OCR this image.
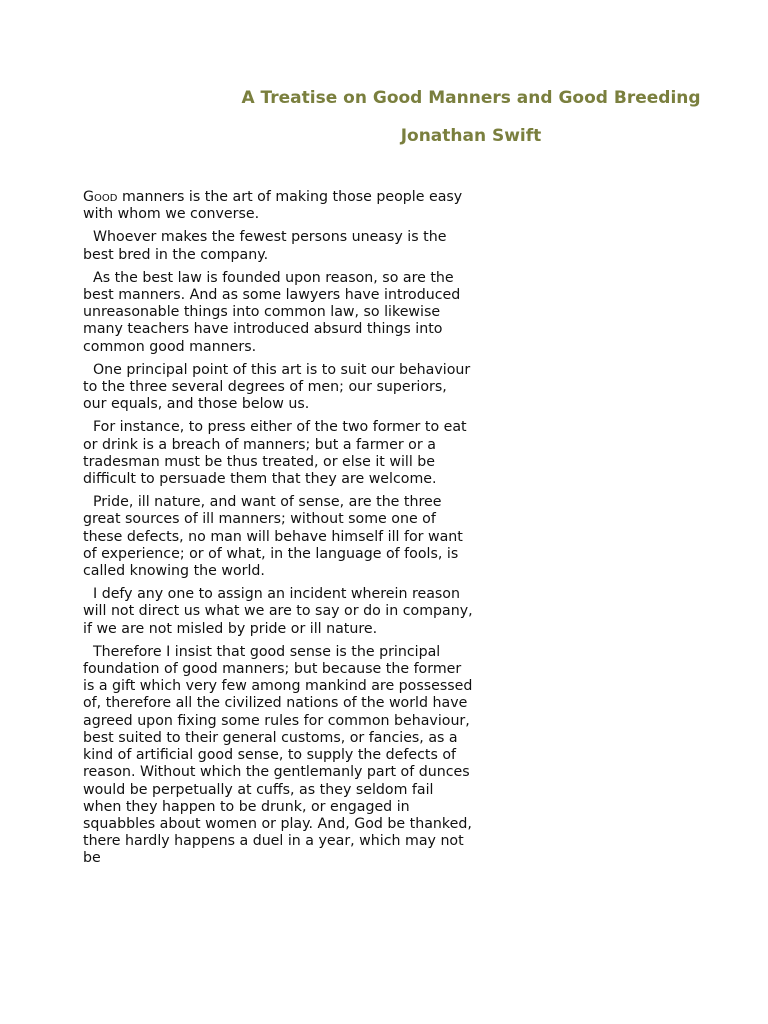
A Treatise on Good Manners and Good Breeding
Jonathan Swift

Good manners is the art of making those people easy with whom we converse.

Whoever makes the fewest persons uneasy is the best bred in the company.

As the best law is founded upon reason, so are the best manners. And as some lawyers have introduced unreasonable things into common law, so likewise many teachers have introduced absurd things into common good manners.

One principal point of this art is to suit our behaviour to the three several degrees of men; our superiors, our equals, and those below us.

For instance, to press either of the two former to eat or drink is a breach of manners; but a farmer or a tradesman must be thus treated, or else it will be difficult to persuade them that they are welcome.

Pride, ill nature, and want of sense, are the three great sources of ill manners; without some one of these defects, no man will behave himself ill for want of experience; or of what, in the language of fools, is called knowing the world.

I defy any one to assign an incident wherein reason will not direct us what we are to say or do in company, if we are not misled by pride or ill nature.

Therefore I insist that good sense is the principal foundation of good manners; but because the former is a gift which very few among mankind are possessed of, therefore all the civilized nations of the world have agreed upon fixing some rules for common behaviour, best suited to their general customs, or fancies, as a kind of artificial good sense, to supply the defects of reason. Without which the gentlemanly part of dunces would be perpetually at cuffs, as they seldom fail when they happen to be drunk, or engaged in squabbles about women or play. And, God be thanked, there hardly happens a duel in a year, which may not be
